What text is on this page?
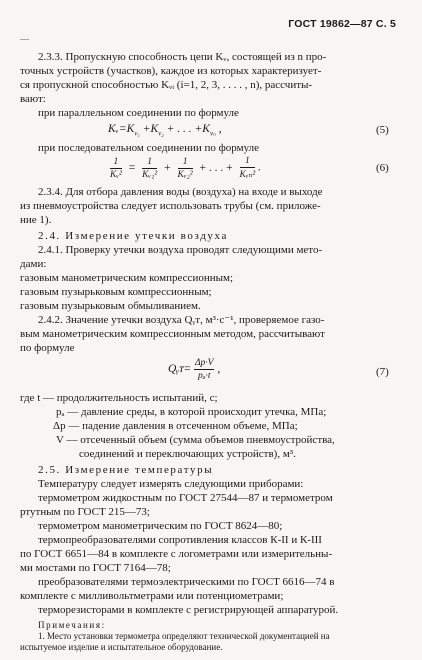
ГОСТ 19862—87 С. 5
—
2.3.3. Пропускную способность цепи Kᵥ, состоящей из n про-
точных устройств (участков), каждое из которых характеризует-
ся пропускной способностью Kᵥᵢ (i=1, 2, 3, . . . . , n), рассчиты-
вают:
при параллельном соединении по формуле
$Kᵥ=K_{v_1} +K_{v_2}$ + . . . $+K_{v_n}$ ,	(5)
при последовательном соединении по формуле
$\frac{1}{\text{Kᵥ²}} = \frac{1}{\text{Kᵥ₁²}} + \frac{1}{\text{Kᵥ₂²}}$ + . . . + $\frac{1}{\text{Kᵥₙ²}}$ .	(6)
2.3.4. Для отбора давления воды (воздуха) на входе и выходе
из пневмоустройства следует использовать трубы (см. приложе-
ние 1).
2.4. Измерение утечки воздуха
2.4.1. Проверку утечки воздуха проводят следующими мето-
дами:
газовым манометрическим компрессионным;
газовым пузырьковым компрессионным;
газовым пузырьковым обмыливанием.
2.4.2. Значение утечки воздуха Qᵧᴛ, м³·с⁻¹, проверяемое газо-
вым манометрическим компрессионным методом, рассчитывают
по формуле
Qᵧᴛ= $\frac{\Delta p\cdot V}{\text{pₐ·t}}$ ,	(7)
где t — продолжительность испытаний, с;
pₐ — давление среды, в которой происходит утечка, МПа;
Δp — падение давления в отсеченном объеме, МПа;
V — отсеченный объем (сумма объемов пневмоустройства,
соединений и переключающих устройств), м³.
2.5. Измерение температуры
Температуру следует измерять следующими приборами:
термометром жидкостным по ГОСТ 27544—87 и термометром
ртутным по ГОСТ 215—73;
термометром манометрическим по ГОСТ 8624—80;
термопреобразователями сопротивления классов К-II и К-III
по ГОСТ 6651—84 в комплекте с логометрами или измерительны-
ми мостами по ГОСТ 7164—78;
преобразователями термоэлектрическими по ГОСТ 6616—74 в
комплекте с милливольтметрами или потенциометрами;
терморезисторами в комплекте с регистрирующей аппаратурой.
Примечания:
1. Место установки термометра определяют технической документацией на
испытуемое изделие и испытательное оборудование.
